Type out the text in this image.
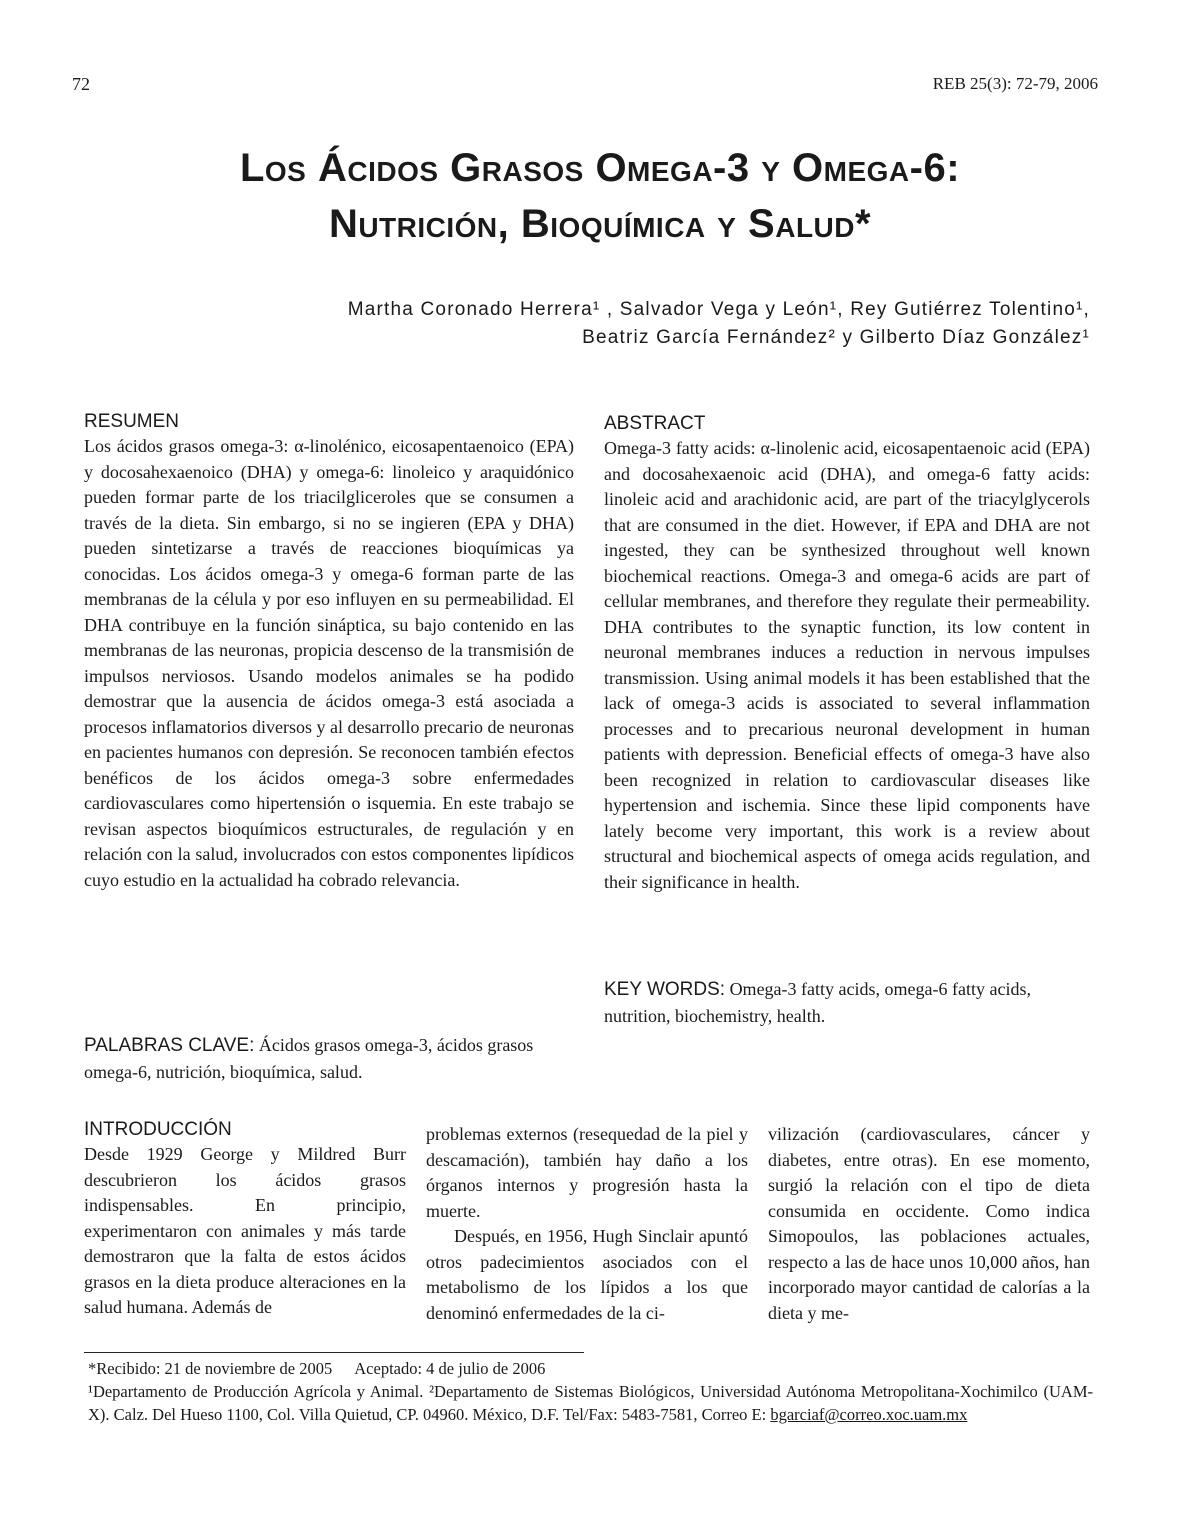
72	REB 25(3): 72-79, 2006
Los Ácidos Grasos Omega-3 y Omega-6:
Nutrición, Bioquímica y Salud*
Martha Coronado Herrera¹ , Salvador Vega y León¹, Rey Gutiérrez Tolentino¹,
Beatriz García Fernández² y Gilberto Díaz González¹
RESUMEN
Los ácidos grasos omega-3: α-linolénico, eicosapentaenoico (EPA) y docosahexaenoico (DHA) y omega-6: linoleico y araquidónico pueden formar parte de los triacilgliceroles que se consumen a través de la dieta. Sin embargo, si no se ingieren (EPA y DHA) pueden sintetizarse a través de reacciones bioquímicas ya conocidas. Los ácidos omega-3 y omega-6 forman parte de las membranas de la célula y por eso influyen en su permeabilidad. El DHA contribuye en la función sináptica, su bajo contenido en las membranas de las neuronas, propicia descenso de la transmisión de impulsos nerviosos. Usando modelos animales se ha podido demostrar que la ausencia de ácidos omega-3 está asociada a procesos inflamatorios diversos y al desarrollo precario de neuronas en pacientes humanos con depresión. Se reconocen también efectos benéficos de los ácidos omega-3 sobre enfermedades cardiovasculares como hipertensión o isquemia. En este trabajo se revisan aspectos bioquímicos estructurales, de regulación y en relación con la salud, involucrados con estos componentes lipídicos cuyo estudio en la actualidad ha cobrado relevancia.
PALABRAS CLAVE: Ácidos grasos omega-3, ácidos grasos omega-6, nutrición, bioquímica, salud.
ABSTRACT
Omega-3 fatty acids: α-linolenic acid, eicosapentaenoic acid (EPA) and docosahexaenoic acid (DHA), and omega-6 fatty acids: linoleic acid and arachidonic acid, are part of the triacylglycerols that are consumed in the diet. However, if EPA and DHA are not ingested, they can be synthesized throughout well known biochemical reactions. Omega-3 and omega-6 acids are part of cellular membranes, and therefore they regulate their permeability. DHA contributes to the synaptic function, its low content in neuronal membranes induces a reduction in nervous impulses transmission. Using animal models it has been established that the lack of omega-3 acids is associated to several inflammation processes and to precarious neuronal development in human patients with depression. Beneficial effects of omega-3 have also been recognized in relation to cardiovascular diseases like hypertension and ischemia. Since these lipid components have lately become very important, this work is a review about structural and biochemical aspects of omega acids regulation, and their significance in health.
KEY WORDS: Omega-3 fatty acids, omega-6 fatty acids, nutrition, biochemistry, health.
INTRODUCCIÓN
Desde 1929 George y Mildred Burr descubrieron los ácidos grasos indispensables. En principio, experimentaron con animales y más tarde demostraron que la falta de estos ácidos grasos en la dieta produce alteraciones en la salud humana. Además de

problemas externos (resequedad de la piel y descamación), también hay daño a los órganos internos y progresión hasta la muerte.

Después, en 1956, Hugh Sinclair apuntó otros padecimientos asociados con el metabolismo de los lípidos a los que denominó enfermedades de la ci-

vilización (cardiovasculares, cáncer y diabetes, entre otras). En ese momento, surgió la relación con el tipo de dieta consumida en occidente. Como indica Simopoulos, las poblaciones actuales, respecto a las de hace unos 10,000 años, han incorporado mayor cantidad de calorías a la dieta y me-
*Recibido: 21 de noviembre de 2005 Aceptado: 4 de julio de 2006
¹Departamento de Producción Agrícola y Animal. ²Departamento de Sistemas Biológicos, Universidad Autónoma Metropolitana-Xochimilco (UAM-X). Calz. Del Hueso 1100, Col. Villa Quietud, CP. 04960. México, D.F. Tel/Fax: 5483-7581, Correo E: bgarciaf@correo.xoc.uam.mx
